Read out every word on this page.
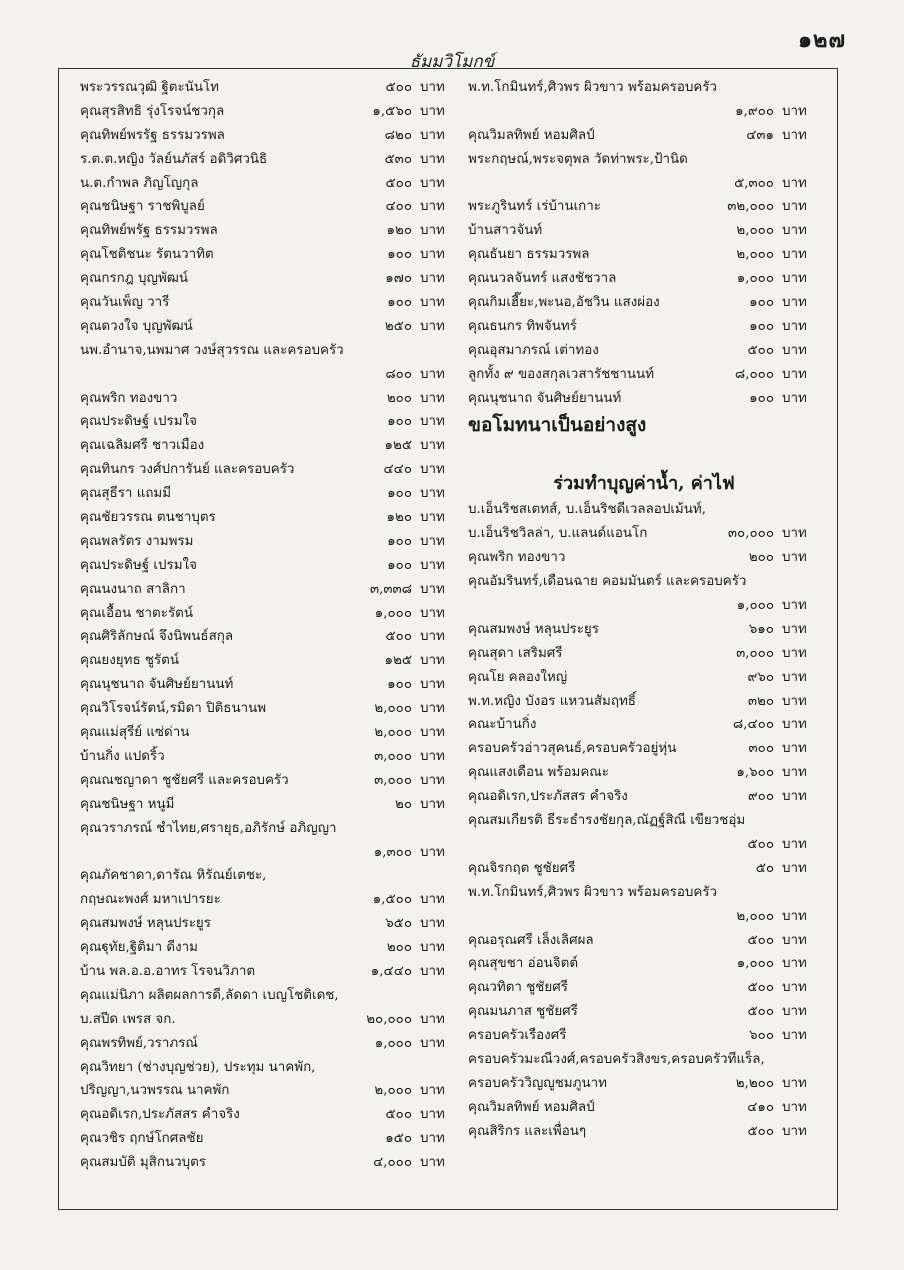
๑๒๗
ธัมมวิโมกข์
พระวรรณวุฒิ ฐิตะนันโท	๕๐๐ บาท
คุณสุรสิทธิ รุ่งโรจน์ชวกุล	๑,๕๖๐ บาท
คุณทิพย์พรรัฐ ธรรมวรพล	๘๒๐ บาท
ร.ต.ต.หญิง วัลย์นภัสร์ อดิวิศวนิธิ	๕๓๐ บาท
น.ต.กำพล ภิญโญกุล	๕๐๐ บาท
คุณชนิษฐา ราชพิบูลย์	๔๐๐ บาท
คุณทิพย์พรัฐ ธรรมวรพล	๑๒๐ บาท
คุณโชติชนะ รัตนวาทิต	๑๐๐ บาท
คุณกรกฎ บุญพัฒน์	๑๗๐ บาท
คุณวันเพ็ญ วารี	๑๐๐ บาท
คุณดวงใจ บุญพัฒน์	๒๕๐ บาท
นพ.อำนาจ,นพมาศ วงษ์สุวรรณ และครอบครัว
๘๐๐ บาท
คุณพริก ทองขาว	๒๐๐ บาท
คุณประดิษฐ์ เปรมใจ	๑๐๐ บาท
คุณเฉลิมศรี ชาวเมือง	๑๒๕ บาท
คุณทินกร วงศ์ปการันย์ และครอบครัว	๔๔๐ บาท
คุณสุธีรา แถมมี	๑๐๐ บาท
คุณชัยวรรณ ตนชาบุตร	๑๒๐ บาท
คุณพลรัตร งามพรม	๑๐๐ บาท
คุณประดิษฐ์ เปรมใจ	๑๐๐ บาท
คุณนงนาถ สาลิกา	๓,๓๓๘ บาท
คุณเอื้อน ชาตะรัตน์	๑,๐๐๐ บาท
คุณศิริลักษณ์ จึงนิพนธ์สกุล	๕๐๐ บาท
คุณยงยุทธ ชูรัตน์	๑๒๕ บาท
คุณนุชนาถ จันศิษย์ยานนท์	๑๐๐ บาท
คุณวิโรจน์รัตน์,รมิดา ปิติธนานพ	๒,๐๐๐ บาท
คุณแม่สุรีย์ แซ่ด่าน	๒,๐๐๐ บาท
บ้านกิ่ง แปดริ้ว	๓,๐๐๐ บาท
คุณณชญาดา ชูชัยศรี และครอบครัว	๓,๐๐๐ บาท
คุณชนิษฐา หนูมี	๒๐ บาท
คุณวราภรณ์ ชำไทย,ศรายุธ,อภิรักษ์ อภิญญา
๑,๓๐๐ บาท
คุณภัคชาดา,ดารัณ หิรัณย์เตชะ,
กฤษณะพงศ์ มหาเปารยะ	๑,๕๐๐ บาท
คุณสมพงษ์ หลุนประยูร	๖๕๐ บาท
คุณฐุทัย,ฐิติมา ดีงาม	๒๐๐ บาท
บ้าน พล.อ.อ.อาทร โรจนวิภาต	๑,๔๔๐ บาท
คุณแม่นิภา ผลิตผลการดี,ลัดดา เบญโชติเดช,
บ.สปีด เพรส จก.	๒๐,๐๐๐ บาท
คุณพรทิพย์,วราภรณ์	๑,๐๐๐ บาท
คุณวิทยา (ช่างบุญช่วย), ประทุม นาคพัก,
ปริญญา,นวพรรณ นาคพัก	๒,๐๐๐ บาท
คุณอดิเรก,ประภัสสร คำจริง	๕๐๐ บาท
คุณวชิร ฤกษ์โกศลชัย	๑๕๐ บาท
คุณสมบัติ มุสิกนวบุตร	๔,๐๐๐ บาท
พ.ท.โกมินทร์,ศิวพร ผิวขาว พร้อมครอบครัว
๑,๙๐๐ บาท
คุณวิมลทิพย์ หอมศิลป์	๔๓๑ บาท
พระกฤษณ์,พระจตุพล วัดท่าพระ,ป้านิด
๕,๓๐๐ บาท
พระภูรินทร์ เร่บ้านเกาะ	๓๒,๐๐๐ บาท
บ้านสาวจันท์	๒,๐๐๐ บาท
คุณธันยา ธรรมวรพล	๒,๐๐๐ บาท
คุณนวลจันทร์ แสงชัชวาล	๑,๐๐๐ บาท
คุณกิมเฮี๊ยะ,พะนอ,อัชวิน แสงผ่อง	๑๐๐ บาท
คุณธนกร ทิพจันทร์	๑๐๐ บาท
คุณอุสมาภรณ์ เต่าทอง	๕๐๐ บาท
ลูกทั้ง ๙ ของสกุลเวสารัชชานนท์	๘,๐๐๐ บาท
คุณนุชนาถ จันศิษย์ยานนท์	๑๐๐ บาท
ขอโมทนาเป็นอย่างสูง
ร่วมทำบุญค่าน้ำ, ค่าไฟ
บ.เอ็นริชสเตทส์, บ.เอ็นริชดีเวลลอปเม้นท์,
บ.เอ็นริชวิลล่า, บ.แลนด์แอนโก	๓๐,๐๐๐ บาท
คุณพริก ทองขาว	๒๐๐ บาท
คุณอัมรินทร์,เดือนฉาย คอมมันตร์ และครอบครัว
๑,๐๐๐ บาท
คุณสมพงษ์ หลุนประยูร	๖๑๐ บาท
คุณสุดา เสริมศรี	๓,๐๐๐ บาท
คุณโย คลองใหญ่	๙๖๐ บาท
พ.ท.หญิง บังอร แหวนสัมฤทธิ์	๓๒๐ บาท
คณะบ้านกิ่ง	๘,๔๐๐ บาท
ครอบครัวอ่าวสุคนธ์,ครอบครัวอยู่หุ่น	๓๐๐ บาท
คุณแสงเดือน พร้อมคณะ	๑,๖๐๐ บาท
คุณอดิเรก,ประภัสสร คำจริง	๙๐๐ บาท
คุณสมเกียรติ ธีระธำรงชัยกุล,ณัฏฐ์สิณี เขียวชอุ่ม
๕๐๐ บาท
คุณจิรกฤต ชูชัยศรี	๕๐ บาท
พ.ท.โกมินทร์,ศิวพร ผิวขาว พร้อมครอบครัว
๒,๐๐๐ บาท
คุณอรุณศรี เล็งเลิศผล	๕๐๐ บาท
คุณสุขชา อ่อนจิตต์	๑,๐๐๐ บาท
คุณวทิตา ชูชัยศรี	๕๐๐ บาท
คุณมนภาส ชูชัยศรี	๕๐๐ บาท
ครอบครัวเรืองศรี	๖๐๐ บาท
ครอบครัวมะณีวงศ์,ครอบครัวสิงขร,ครอบครัวทีแร็ล,
ครอบครัววิญญูชมภูนาท	๒,๒๐๐ บาท
คุณวิมลทิพย์ หอมศิลป์	๔๑๐ บาท
คุณสิริกร และเพื่อนๆ	๕๐๐ บาท
